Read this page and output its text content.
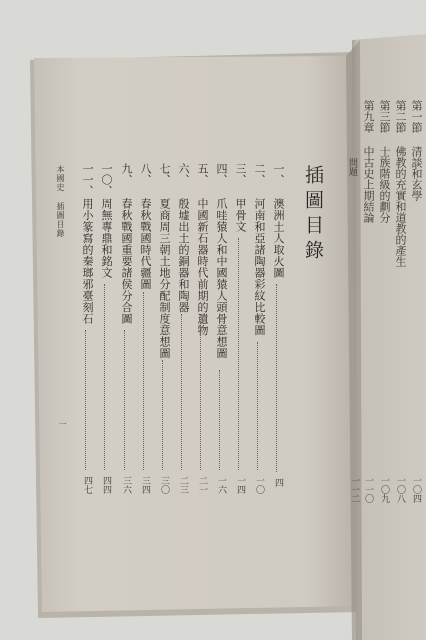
插圖目錄
一、
澳洲土人取火圖
四
二、
河南和亞諸陶器彩紋比較圖
一〇
三、
甲骨文
一四
四、
爪哇猿人和中國猿人頭骨意想圖
一六
五、
中國新石器時代前期的遺物
二一
六、
殷墟出土的銅器和陶器
二三
七、
夏商周三朝土地分配制度意想圖
三〇
八、
春秋戰國時代疆圖
三四
九、
春秋戰國重要諸侯分合圖
三六
一〇、
周無專鼎和銘文
四四
一一、
用小篆寫的秦瑯邪臺刻石
四七
本國史 插圖目錄
一
第一節 清談和玄學
一〇四
第二節 佛教的充實和道教的產生
一〇八
第三節 士族階級的劃分
一〇九
第九章 中古史上期結論
一一〇
問題
一一二
